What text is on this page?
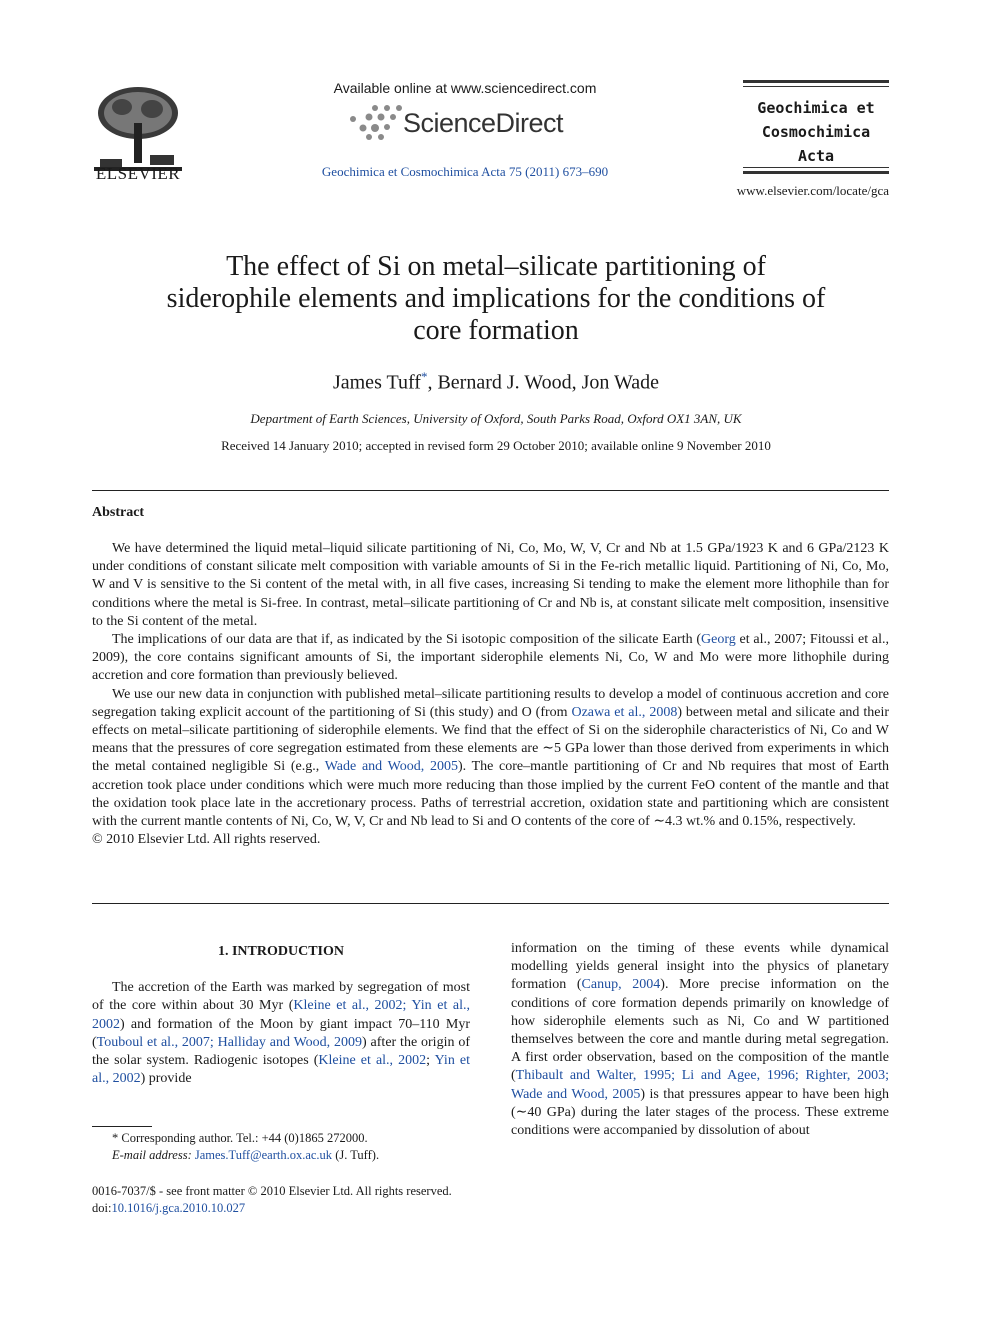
ELSEVIER
Available online at www.sciencedirect.com
ScienceDirect
Geochimica et Cosmochimica Acta 75 (2011) 673–690
Geochimica et
Cosmochimica
Acta
www.elsevier.com/locate/gca
The effect of Si on metal–silicate partitioning of
siderophile elements and implications for the conditions of
core formation
James Tuff*, Bernard J. Wood, Jon Wade
Department of Earth Sciences, University of Oxford, South Parks Road, Oxford OX1 3AN, UK
Received 14 January 2010; accepted in revised form 29 October 2010; available online 9 November 2010
Abstract

We have determined the liquid metal–liquid silicate partitioning of Ni, Co, Mo, W, V, Cr and Nb at 1.5 GPa/1923 K and 6 GPa/2123 K under conditions of constant silicate melt composition with variable amounts of Si in the Fe-rich metallic liquid. Partitioning of Ni, Co, Mo, W and V is sensitive to the Si content of the metal with, in all five cases, increasing Si tending to make the element more lithophile than for conditions where the metal is Si-free. In contrast, metal–silicate partitioning of Cr and Nb is, at constant silicate melt composition, insensitive to the Si content of the metal.

The implications of our data are that if, as indicated by the Si isotopic composition of the silicate Earth (Georg et al., 2007; Fitoussi et al., 2009), the core contains significant amounts of Si, the important siderophile elements Ni, Co, W and Mo were more lithophile during accretion and core formation than previously believed.

We use our new data in conjunction with published metal–silicate partitioning results to develop a model of continuous accretion and core segregation taking explicit account of the partitioning of Si (this study) and O (from Ozawa et al., 2008) between metal and silicate and their effects on metal–silicate partitioning of siderophile elements. We find that the effect of Si on the siderophile characteristics of Ni, Co and W means that the pressures of core segregation estimated from these elements are ∼5 GPa lower than those derived from experiments in which the metal contained negligible Si (e.g., Wade and Wood, 2005). The core–mantle partitioning of Cr and Nb requires that most of Earth accretion took place under conditions which were much more reducing than those implied by the current FeO content of the mantle and that the oxidation took place late in the accretionary process. Paths of terrestrial accretion, oxidation state and partitioning which are consistent with the current mantle contents of Ni, Co, W, V, Cr and Nb lead to Si and O contents of the core of ∼4.3 wt.% and 0.15%, respectively.

© 2010 Elsevier Ltd. All rights reserved.

1. INTRODUCTION

The accretion of the Earth was marked by segregation of most of the core within about 30 Myr (Kleine et al., 2002; Yin et al., 2002) and formation of the Moon by giant impact 70–110 Myr (Touboul et al., 2007; Halliday and Wood, 2009) after the origin of the solar system. Radiogenic isotopes (Kleine et al., 2002; Yin et al., 2002) provide

information on the timing of these events while dynamical modelling yields general insight into the physics of planetary formation (Canup, 2004). More precise information on the conditions of core formation depends primarily on knowledge of how siderophile elements such as Ni, Co and W partitioned themselves between the core and mantle during metal segregation. A first order observation, based on the composition of the mantle (Thibault and Walter, 1995; Li and Agee, 1996; Righter, 2003; Wade and Wood, 2005) is that pressures appear to have been high (∼40 GPa) during the later stages of the process. These extreme conditions were accompanied by dissolution of about

* Corresponding author. Tel.: +44 (0)1865 272000.
E-mail address: James.Tuff@earth.ox.ac.uk (J. Tuff).
0016-7037/$ - see front matter © 2010 Elsevier Ltd. All rights reserved.
doi:10.1016/j.gca.2010.10.027
